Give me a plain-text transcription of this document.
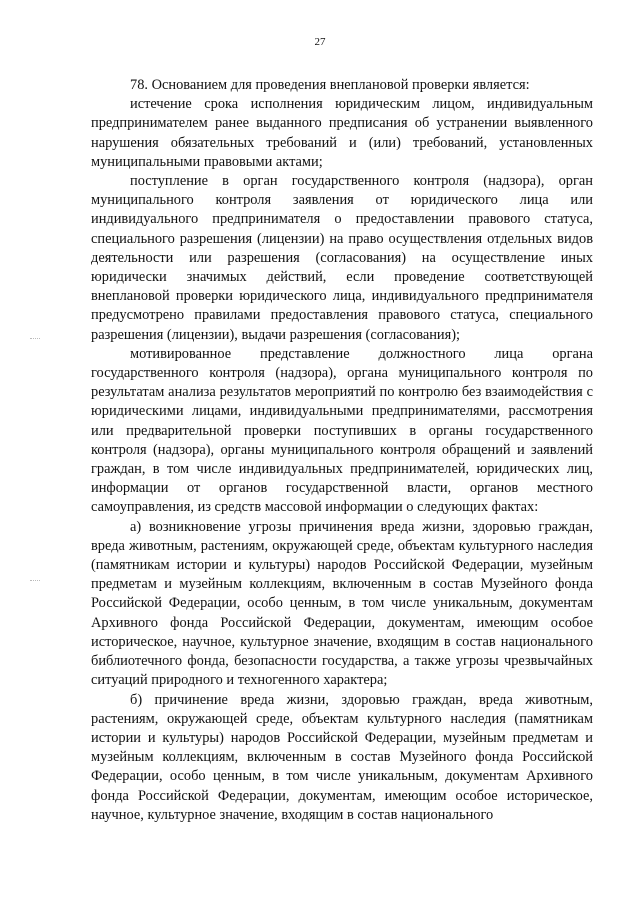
27

78. Основанием для проведения внеплановой проверки является:

истечение срока исполнения юридическим лицом, индивидуальным предпринимателем ранее выданного предписания об устранении выявленного нарушения обязательных требований и (или) требований, установленных муниципальными правовыми актами;

поступление в орган государственного контроля (надзора), орган муниципального контроля заявления от юридического лица или индивидуального предпринимателя о предоставлении правового статуса, специального разрешения (лицензии) на право осуществления отдельных видов деятельности или разрешения (согласования) на осуществление иных юридически значимых действий, если проведение соответствующей внеплановой проверки юридического лица, индивидуального предпринимателя предусмотрено правилами предоставления правового статуса, специального разрешения (лицензии), выдачи разрешения (согласования);

мотивированное представление должностного лица органа государственного контроля (надзора), органа муниципального контроля по результатам анализа результатов мероприятий по контролю без взаимодействия с юридическими лицами, индивидуальными предпринимателями, рассмотрения или предварительной проверки поступивших в органы государственного контроля (надзора), органы муниципального контроля обращений и заявлений граждан, в том числе индивидуальных предпринимателей, юридических лиц, информации от органов государственной власти, органов местного самоуправления, из средств массовой информации о следующих фактах:

а) возникновение угрозы причинения вреда жизни, здоровью граждан, вреда животным, растениям, окружающей среде, объектам культурного наследия (памятникам истории и культуры) народов Российской Федерации, музейным предметам и музейным коллекциям, включенным в состав Музейного фонда Российской Федерации, особо ценным, в том числе уникальным, документам Архивного фонда Российской Федерации, документам, имеющим особое историческое, научное, культурное значение, входящим в состав национального библиотечного фонда, безопасности государства, а также угрозы чрезвычайных ситуаций природного и техногенного характера;

б) причинение вреда жизни, здоровью граждан, вреда животным, растениям, окружающей среде, объектам культурного наследия (памятникам истории и культуры) народов Российской Федерации, музейным предметам и музейным коллекциям, включенным в состав Музейного фонда Российской Федерации, особо ценным, в том числе уникальным, документам Архивного фонда Российской Федерации, документам, имеющим особое историческое, научное, культурное значение, входящим в состав национального
